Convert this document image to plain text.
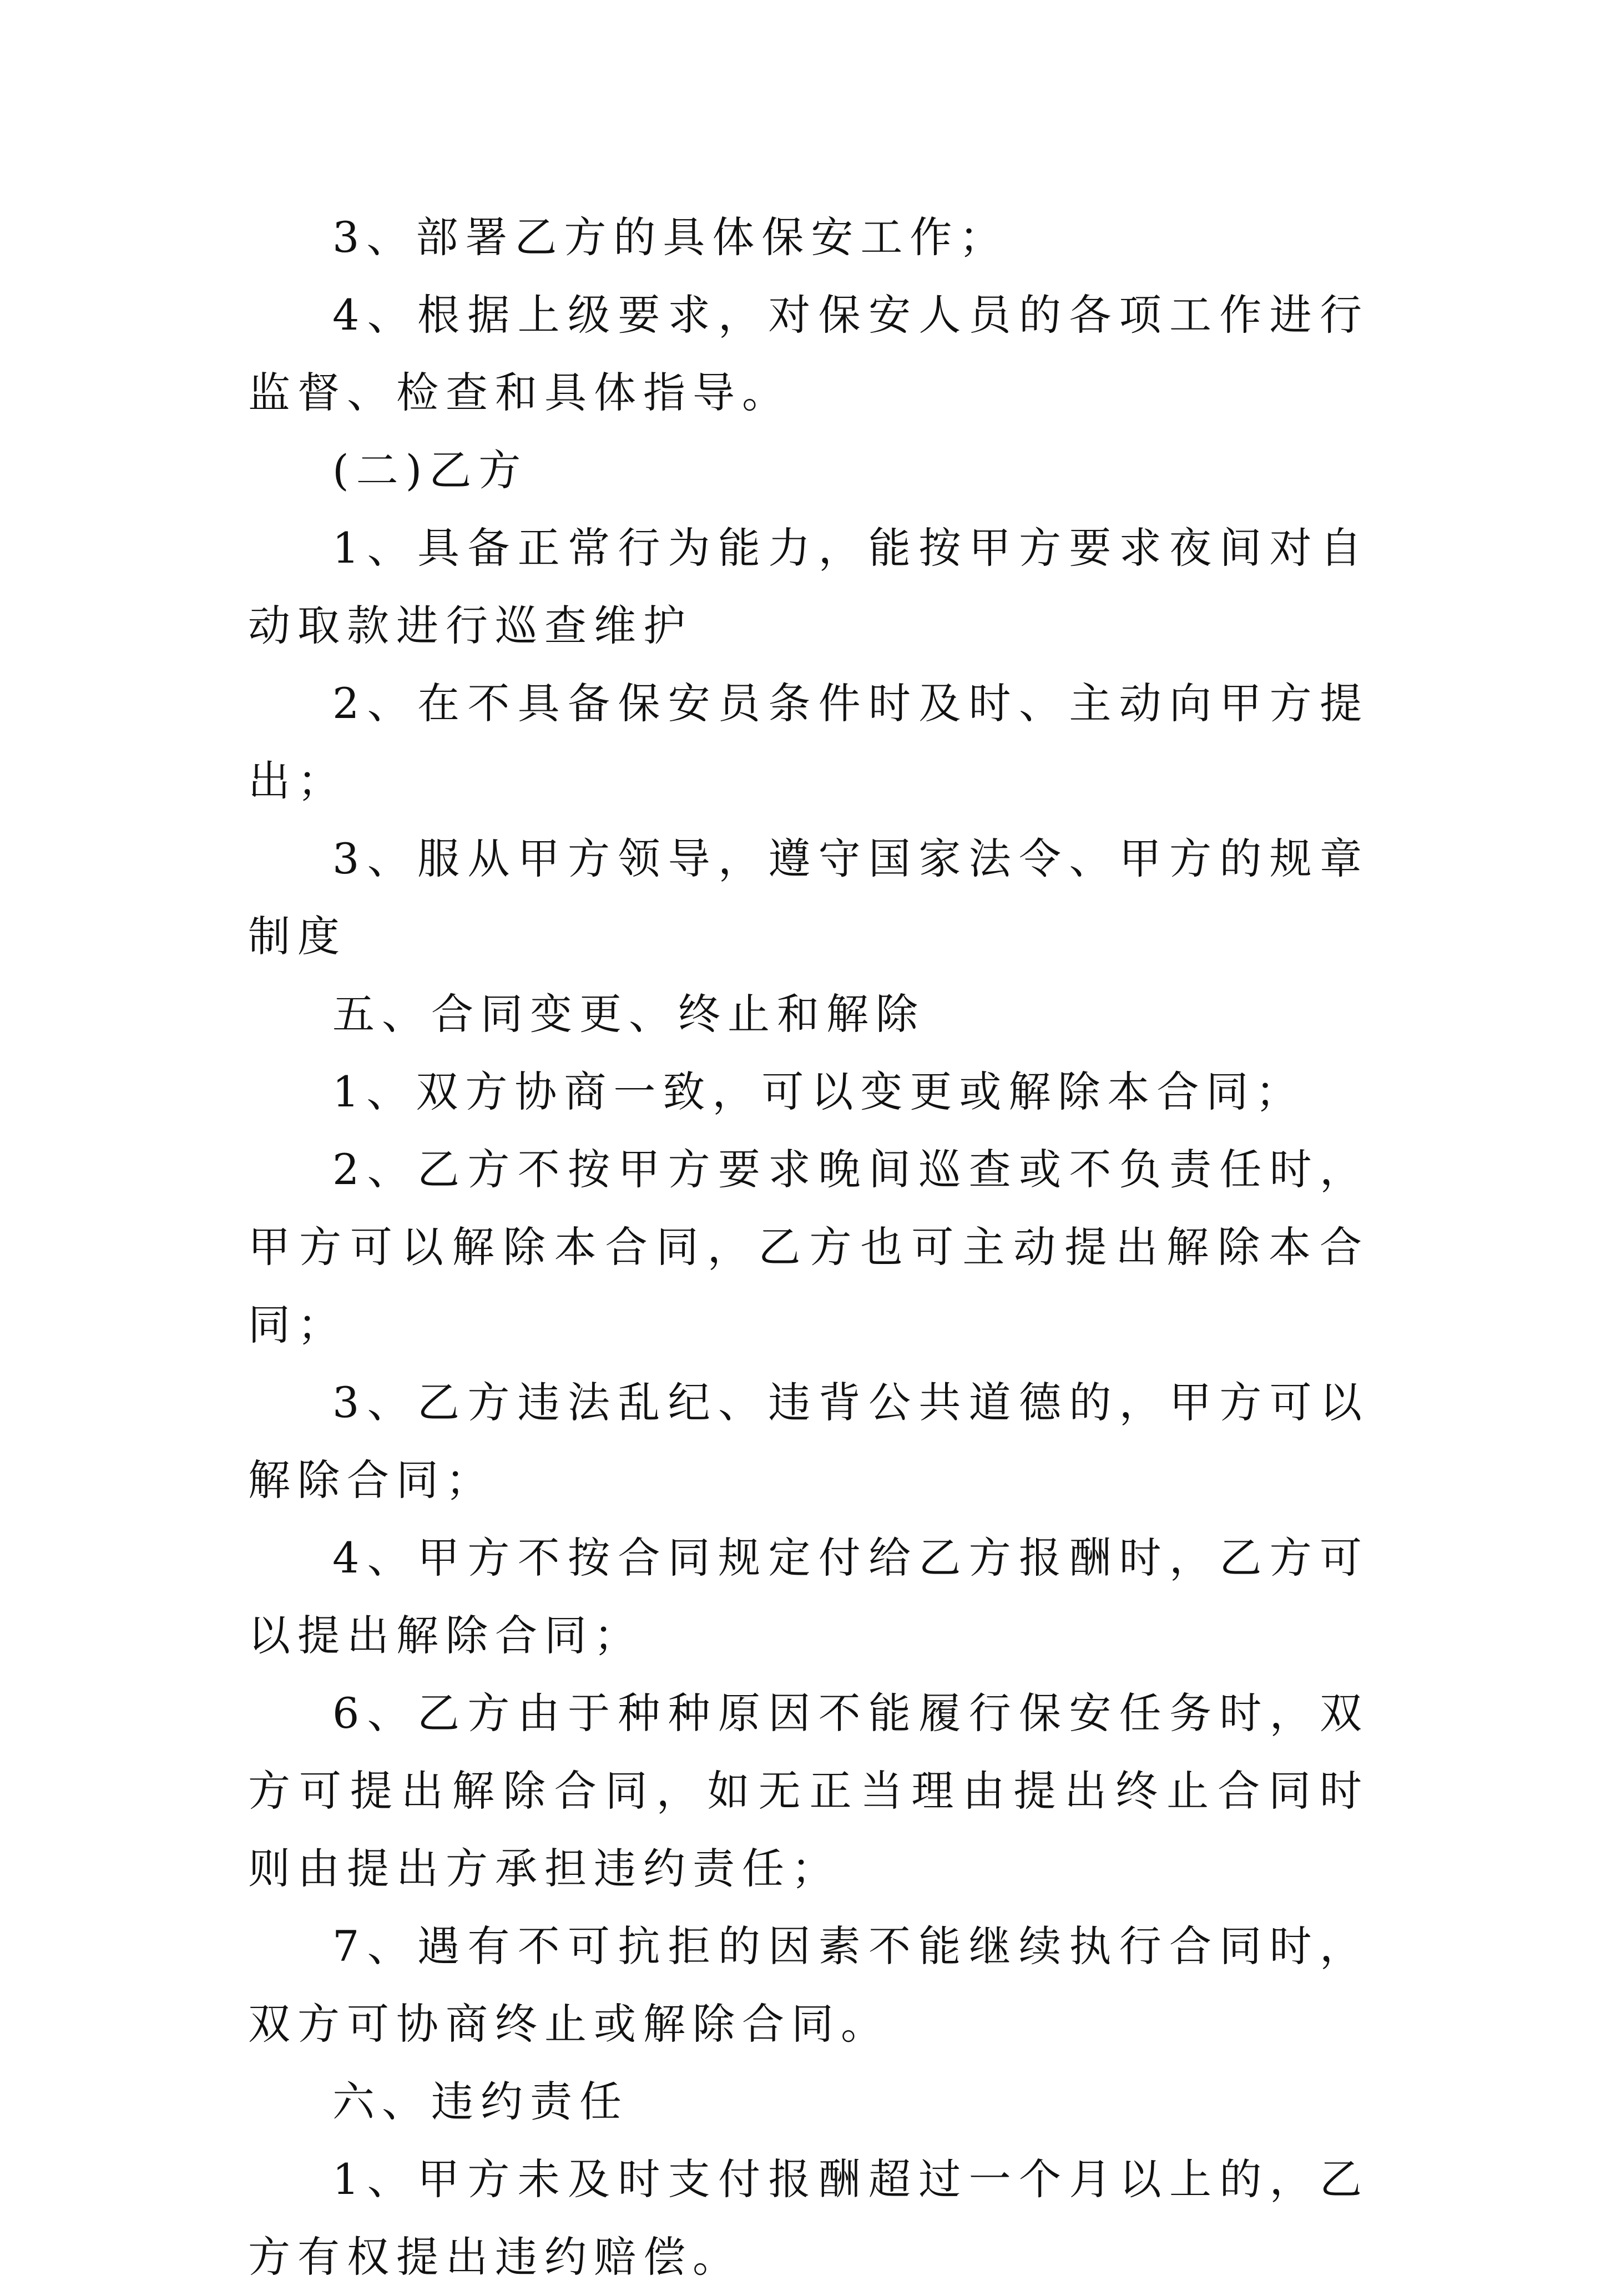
3、部署乙方的具体保安工作；

4、根据上级要求，对保安人员的各项工作进行监督、检查和具体指导。

(二)乙方

1、具备正常行为能力，能按甲方要求夜间对自动取款进行巡查维护

2、在不具备保安员条件时及时、主动向甲方提出；

3、服从甲方领导，遵守国家法令、甲方的规章制度

五、合同变更、终止和解除

1、双方协商一致，可以变更或解除本合同；

2、乙方不按甲方要求晚间巡查或不负责任时，甲方可以解除本合同，乙方也可主动提出解除本合同；

3、乙方违法乱纪、违背公共道德的，甲方可以解除合同；

4、甲方不按合同规定付给乙方报酬时，乙方可以提出解除合同；

6、乙方由于种种原因不能履行保安任务时，双方可提出解除合同，如无正当理由提出终止合同时则由提出方承担违约责任；

7、遇有不可抗拒的因素不能继续执行合同时，双方可协商终止或解除合同。

六、违约责任

1、甲方未及时支付报酬超过一个月以上的，乙方有权提出违约赔偿。
